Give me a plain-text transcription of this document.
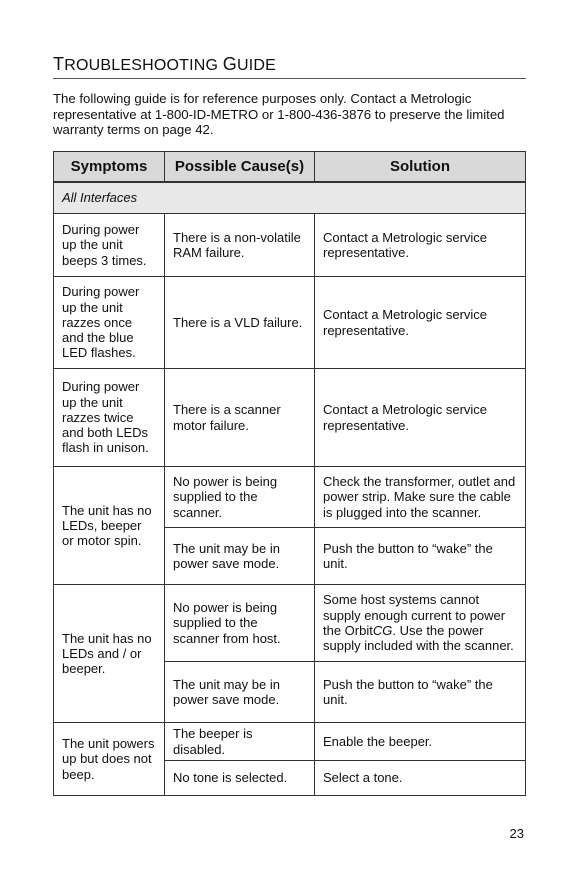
TROUBLESHOOTING GUIDE
The following guide is for reference purposes only. Contact a Metrologic representative at 1-800-ID-METRO or 1-800-436-3876 to preserve the limited warranty terms on page 42.
Symptoms	Possible Cause(s)	Solution
All Interfaces		
During power up the unit beeps 3 times.	There is a non-volatile RAM failure.	Contact a Metrologic service representative.
During power up the unit razzes once and the blue LED flashes.	There is a VLD failure.	Contact a Metrologic service representative.
During power up the unit razzes twice and both LEDs flash in unison.	There is a scanner motor failure.	Contact a Metrologic service representative.
The unit has no LEDs, beeper or motor spin.	No power is being supplied to the scanner.	Check the transformer, outlet and power strip. Make sure the cable is plugged into the scanner.
	The unit may be in power save mode.	Push the button to “wake” the unit.
The unit has no LEDs and / or beeper.	No power is being supplied to the scanner from host.	Some host systems cannot supply enough current to power the OrbitCG. Use the power supply included with the scanner.
	The unit may be in power save mode.	Push the button to “wake” the unit.
The unit powers up but does not beep.	The beeper is disabled.	Enable the beeper.
	No tone is selected.	Select a tone.
23
